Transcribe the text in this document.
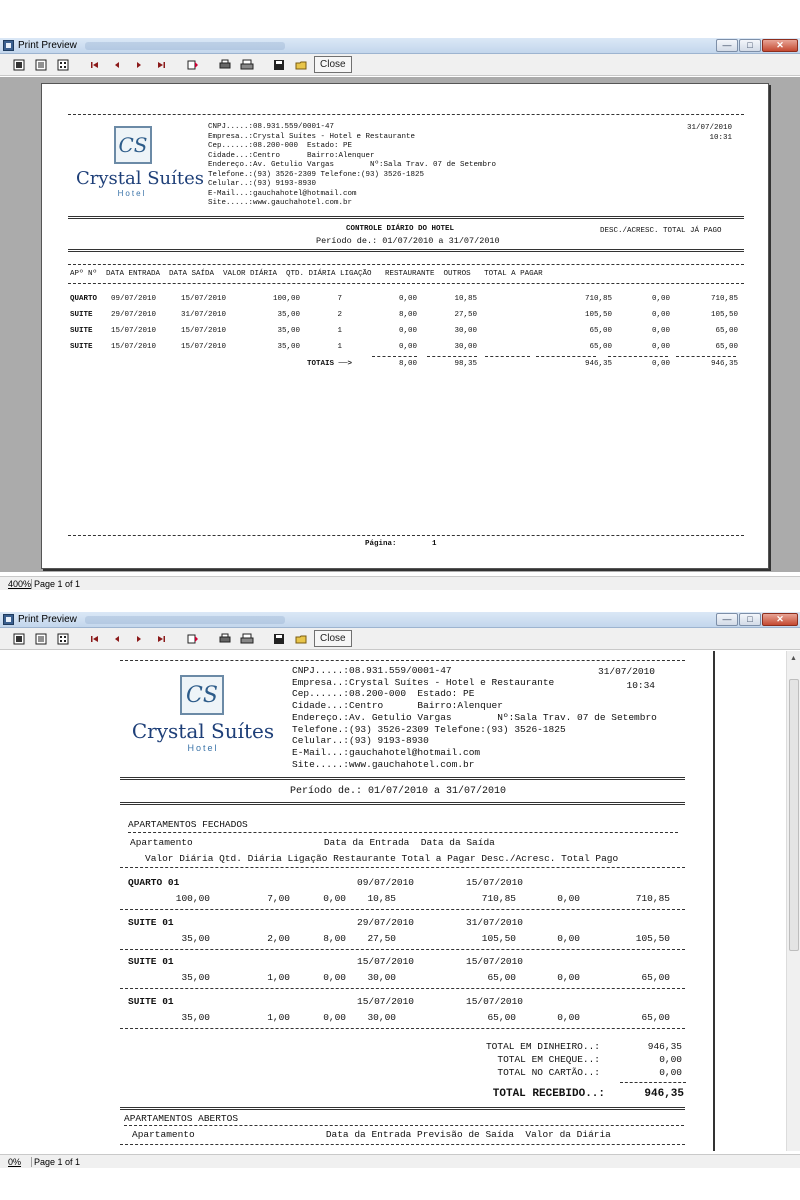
Print Preview	—	□	✕
Close
CS
Crystal Suítes
Hotel
CNPJ.....:08.931.559/0001-47
Empresa..:Crystal Suítes - Hotel e Restaurante
Cep......:08.200-000  Estado: PE
Cidade...:Centro      Bairro:Alenquer
Endereço.:Av. Getulio Vargas        Nº:Sala Trav. 07 de Setembro
Telefone.:(93) 3526-2309 Telefone:(93) 3526-1825
Celular..:(93) 9193-8930
E-Mail...:gauchahotel@hotmail.com
Site.....:www.gauchahotel.com.br
31/07/2010
10:31
CONTROLE DIÁRIO DO HOTEL
Período de.: 01/07/2010 a 31/07/2010
DESC./ACRESC. TOTAL JÁ PAGO
APº Nº  DATA ENTRADA  DATA SAÍDA  VALOR DIÁRIA  QTD. DIÁRIA LIGAÇÃO   RESTAURANTE  OUTROS   TOTAL A PAGAR
QUARTO 09/07/2010	15/07/2010	100,00	7	0,00	10,85	710,85	0,00	710,85
SUITE 29/07/2010	31/07/2010	35,00	2	8,00	27,50	105,50	0,00	105,50
SUITE 15/07/2010	15/07/2010	35,00	1	0,00	30,00	65,00	0,00	65,00
SUITE 15/07/2010	15/07/2010	35,00	1	0,00	30,00	65,00	0,00	65,00
TOTAIS ──>	8,00	98,35	946,35	0,00	946,35
Página:	1
400% Page 1 of 1
Print Preview	—	□	✕
Close
CS
Crystal Suítes
Hotel
CNPJ.....:08.931.559/0001-47
Empresa..:Crystal Suítes - Hotel e Restaurante
Cep......:08.200-000  Estado: PE
Cidade...:Centro      Bairro:Alenquer
Endereço.:Av. Getulio Vargas        Nº:Sala Trav. 07 de Setembro
Telefone.:(93) 3526-2309 Telefone:(93) 3526-1825
Celular..:(93) 9193-8930
E-Mail...:gauchahotel@hotmail.com
Site.....:www.gauchahotel.com.br
31/07/2010
10:34
Período de.: 01/07/2010 a 31/07/2010
APARTAMENTOS FECHADOS
Apartamento                       Data da Entrada  Data da Saída
Valor Diária Qtd. Diária Ligação Restaurante Total a Pagar Desc./Acresc. Total Pago
QUARTO 01	09/07/2010	15/07/2010
100,00	7,00	0,00	10,85	710,85	0,00	710,85
SUITE 01	29/07/2010	31/07/2010
35,00	2,00	8,00	27,50	105,50	0,00	105,50
SUITE 01	15/07/2010	15/07/2010
35,00	1,00	0,00	30,00	65,00	0,00	65,00
SUITE 01	15/07/2010	15/07/2010
35,00	1,00	0,00	30,00	65,00	0,00	65,00
TOTAL EM DINHEIRO..:	946,35
TOTAL EM CHEQUE..:	0,00
TOTAL NO CARTÃO..:	0,00
TOTAL RECEBIDO..:	946,35
APARTAMENTOS ABERTOS
Apartamento                       Data da Entrada Previsão de Saída  Valor da Diária
▲
0%	Page 1 of 1
